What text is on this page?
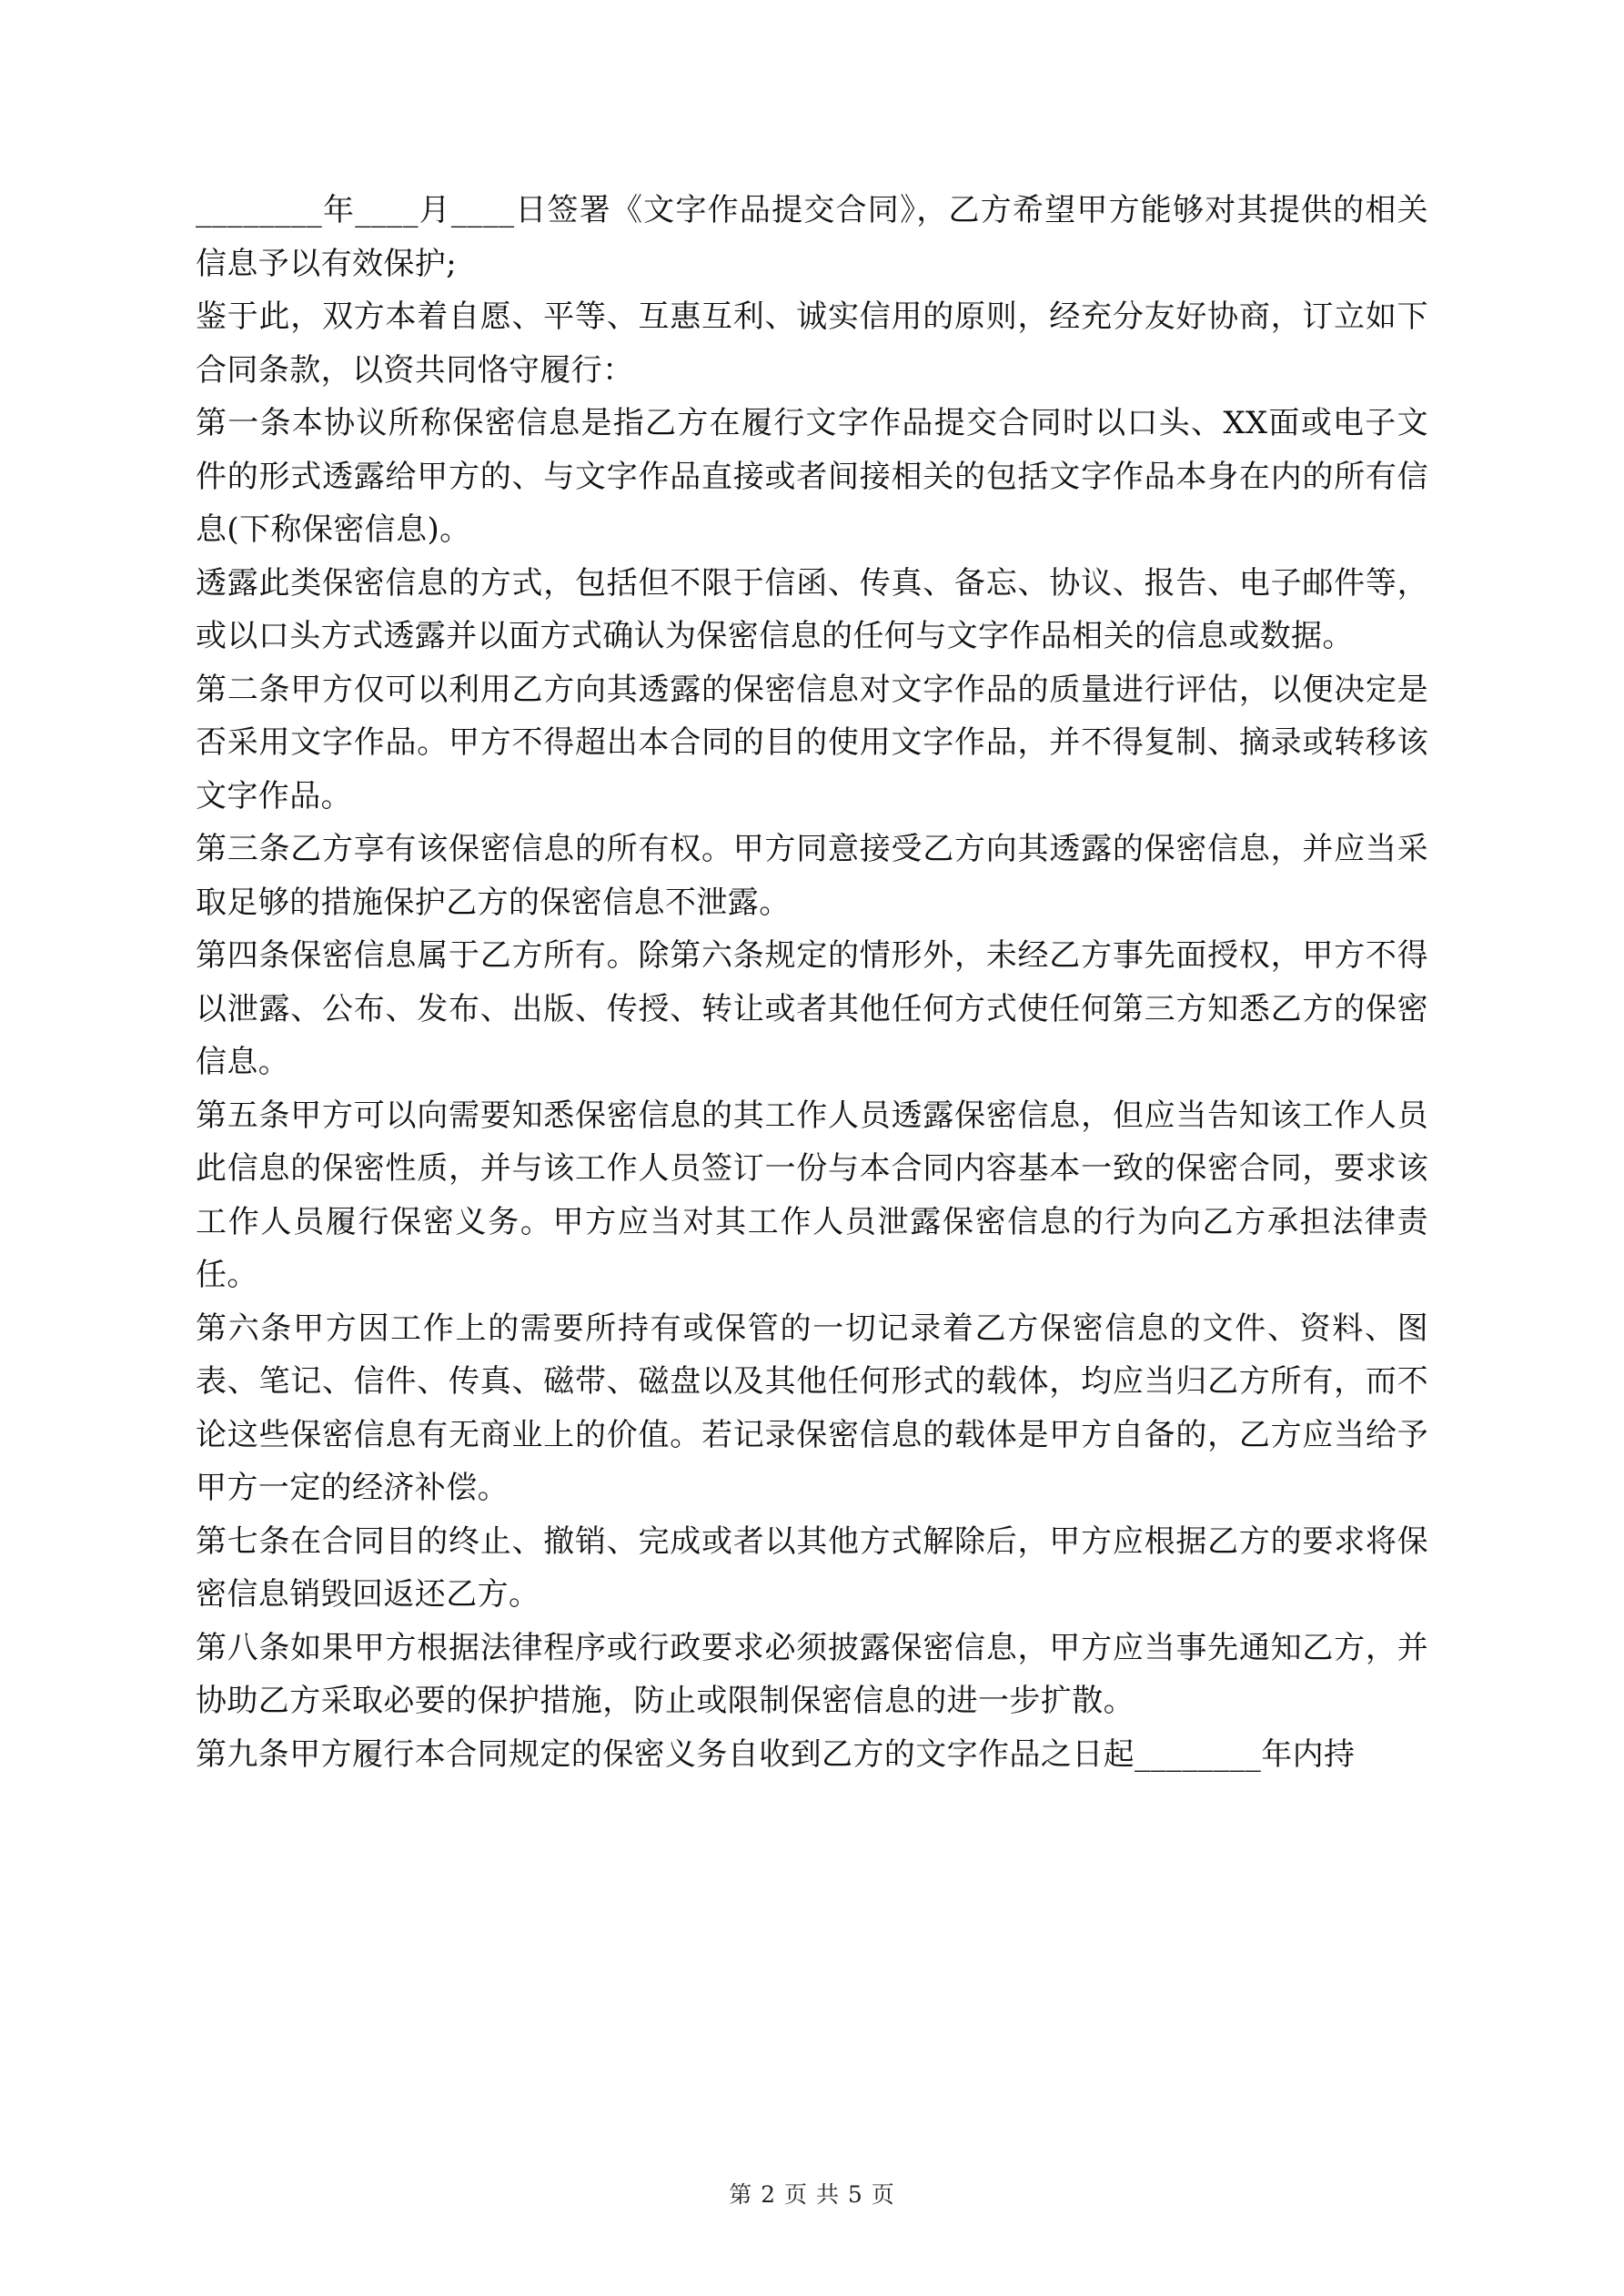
________年____月____日签署《文字作品提交合同》，乙方希望甲方能够对其提供的相关信息予以有效保护;

鉴于此，双方本着自愿、平等、互惠互利、诚实信用的原则，经充分友好协商，订立如下合同条款，以资共同恪守履行：

第一条本协议所称保密信息是指乙方在履行文字作品提交合同时以口头、XX面或电子文件的形式透露给甲方的、与文字作品直接或者间接相关的包括文字作品本身在内的所有信息(下称保密信息)。

透露此类保密信息的方式，包括但不限于信函、传真、备忘、协议、报告、电子邮件等，或以口头方式透露并以面方式确认为保密信息的任何与文字作品相关的信息或数据。

第二条甲方仅可以利用乙方向其透露的保密信息对文字作品的质量进行评估，以便决定是否采用文字作品。甲方不得超出本合同的目的使用文字作品，并不得复制、摘录或转移该文字作品。

第三条乙方享有该保密信息的所有权。甲方同意接受乙方向其透露的保密信息，并应当采取足够的措施保护乙方的保密信息不泄露。

第四条保密信息属于乙方所有。除第六条规定的情形外，未经乙方事先面授权，甲方不得以泄露、公布、发布、出版、传授、转让或者其他任何方式使任何第三方知悉乙方的保密信息。

第五条甲方可以向需要知悉保密信息的其工作人员透露保密信息，但应当告知该工作人员此信息的保密性质，并与该工作人员签订一份与本合同内容基本一致的保密合同，要求该工作人员履行保密义务。甲方应当对其工作人员泄露保密信息的行为向乙方承担法律责任。

第六条甲方因工作上的需要所持有或保管的一切记录着乙方保密信息的文件、资料、图表、笔记、信件、传真、磁带、磁盘以及其他任何形式的载体，均应当归乙方所有，而不论这些保密信息有无商业上的价值。若记录保密信息的载体是甲方自备的，乙方应当给予甲方一定的经济补偿。

第七条在合同目的终止、撤销、完成或者以其他方式解除后，甲方应根据乙方的要求将保密信息销毁回返还乙方。

第八条如果甲方根据法律程序或行政要求必须披露保密信息，甲方应当事先通知乙方，并协助乙方采取必要的保护措施，防止或限制保密信息的进一步扩散。

第九条甲方履行本合同规定的保密义务自收到乙方的文字作品之日起________年内持

第 2 页 共 5 页
